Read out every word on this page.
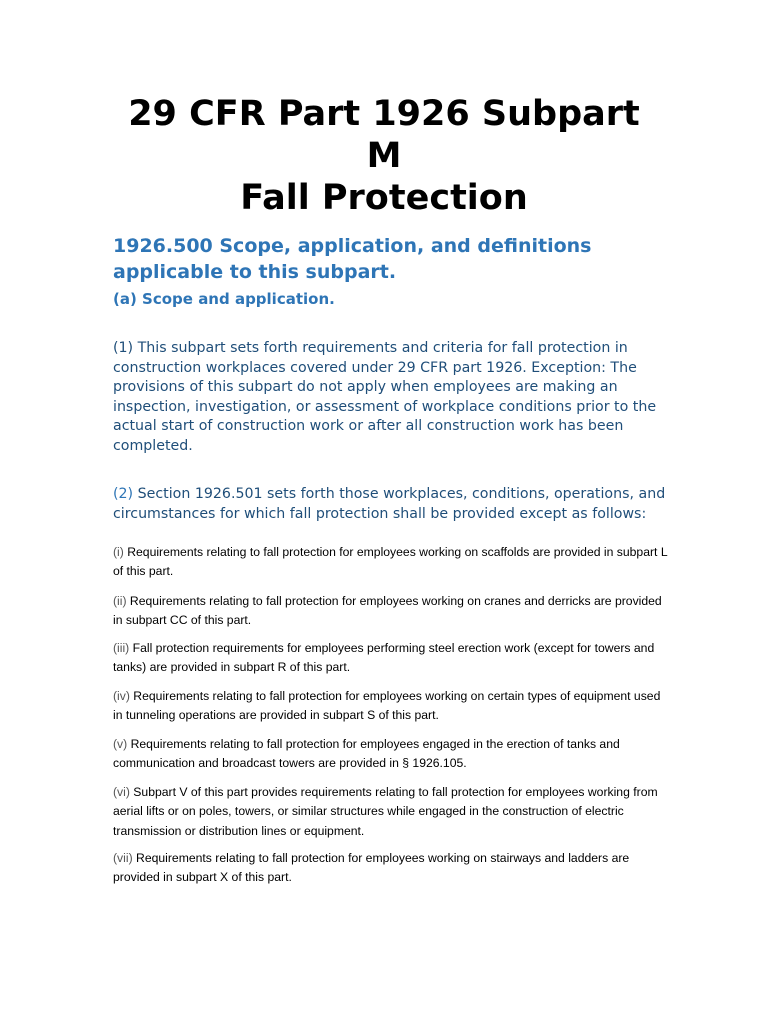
29 CFR Part 1926 Subpart
M
Fall Protection
1926.500 Scope, application, and definitions applicable to this subpart.
(a) Scope and application.

(1) This subpart sets forth requirements and criteria for fall protection in construction workplaces covered under 29 CFR part 1926. Exception: The provisions of this subpart do not apply when employees are making an inspection, investigation, or assessment of workplace conditions prior to the actual start of construction work or after all construction work has been completed.

(2) Section 1926.501 sets forth those workplaces, conditions, operations, and circumstances for which fall protection shall be provided except as follows:

(i) Requirements relating to fall protection for employees working on scaffolds are provided in subpart L of this part.

(ii) Requirements relating to fall protection for employees working on cranes and derricks are provided in subpart CC of this part.

(iii) Fall protection requirements for employees performing steel erection work (except for towers and tanks) are provided in subpart R of this part.

(iv) Requirements relating to fall protection for employees working on certain types of equipment used in tunneling operations are provided in subpart S of this part.

(v) Requirements relating to fall protection for employees engaged in the erection of tanks and communication and broadcast towers are provided in § 1926.105.

(vi) Subpart V of this part provides requirements relating to fall protection for employees working from aerial lifts or on poles, towers, or similar structures while engaged in the construction of electric transmission or distribution lines or equipment.

(vii) Requirements relating to fall protection for employees working on stairways and ladders are provided in subpart X of this part.
